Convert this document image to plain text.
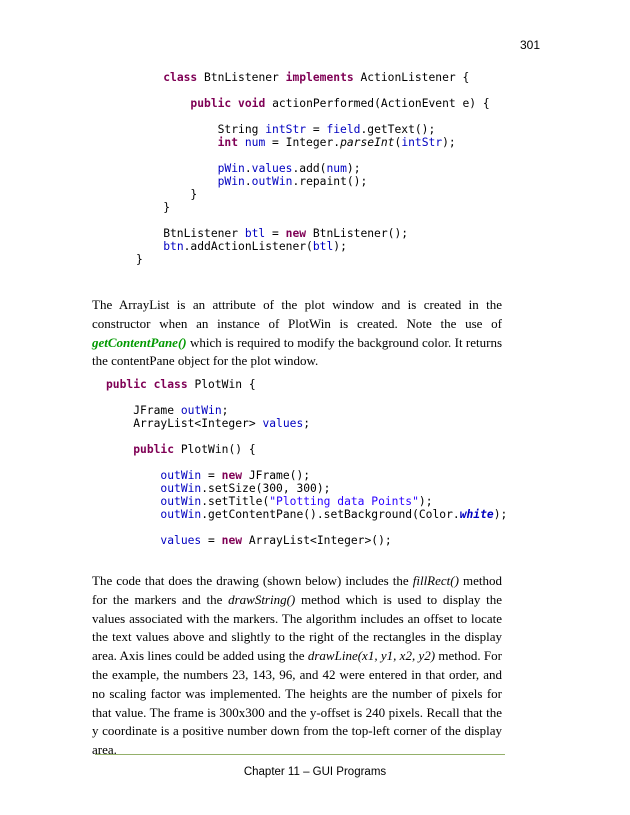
301
class BtnListener implements ActionListener {
public void actionPerformed(ActionEvent e) {
String intStr = field.getText();
int num = Integer.parseInt(intStr);
pWin.values.add(num);
pWin.outWin.repaint();
}
}
BtnListener btl = new BtnListener();
btn.addActionListener(btl);
}

The ArrayList is an attribute of the plot window and is created in the constructor when an instance of PlotWin is created. Note the use of getContentPane() which is required to modify the background color. It returns the contentPane object for the plot window.

public class PlotWin {
JFrame outWin;
ArrayList<Integer> values;
public PlotWin() {
outWin = new JFrame();
outWin.setSize(300, 300);
outWin.setTitle("Plotting data Points");
outWin.getContentPane().setBackground(Color.white);
values = new ArrayList<Integer>();

The code that does the drawing (shown below) includes the fillRect() method for the markers and the drawString() method which is used to display the values associated with the markers. The algorithm includes an offset to locate the text values above and slightly to the right of the rectangles in the display area. Axis lines could be added using the drawLine(x1, y1, x2, y2) method. For the example, the numbers 23, 143, 96, and 42 were entered in that order, and no scaling factor was implemented. The heights are the number of pixels for that value. The frame is 300x300 and the y-offset is 240 pixels. Recall that the y coordinate is a positive number down from the top-left corner of the display area.

Chapter 11 – GUI Programs
